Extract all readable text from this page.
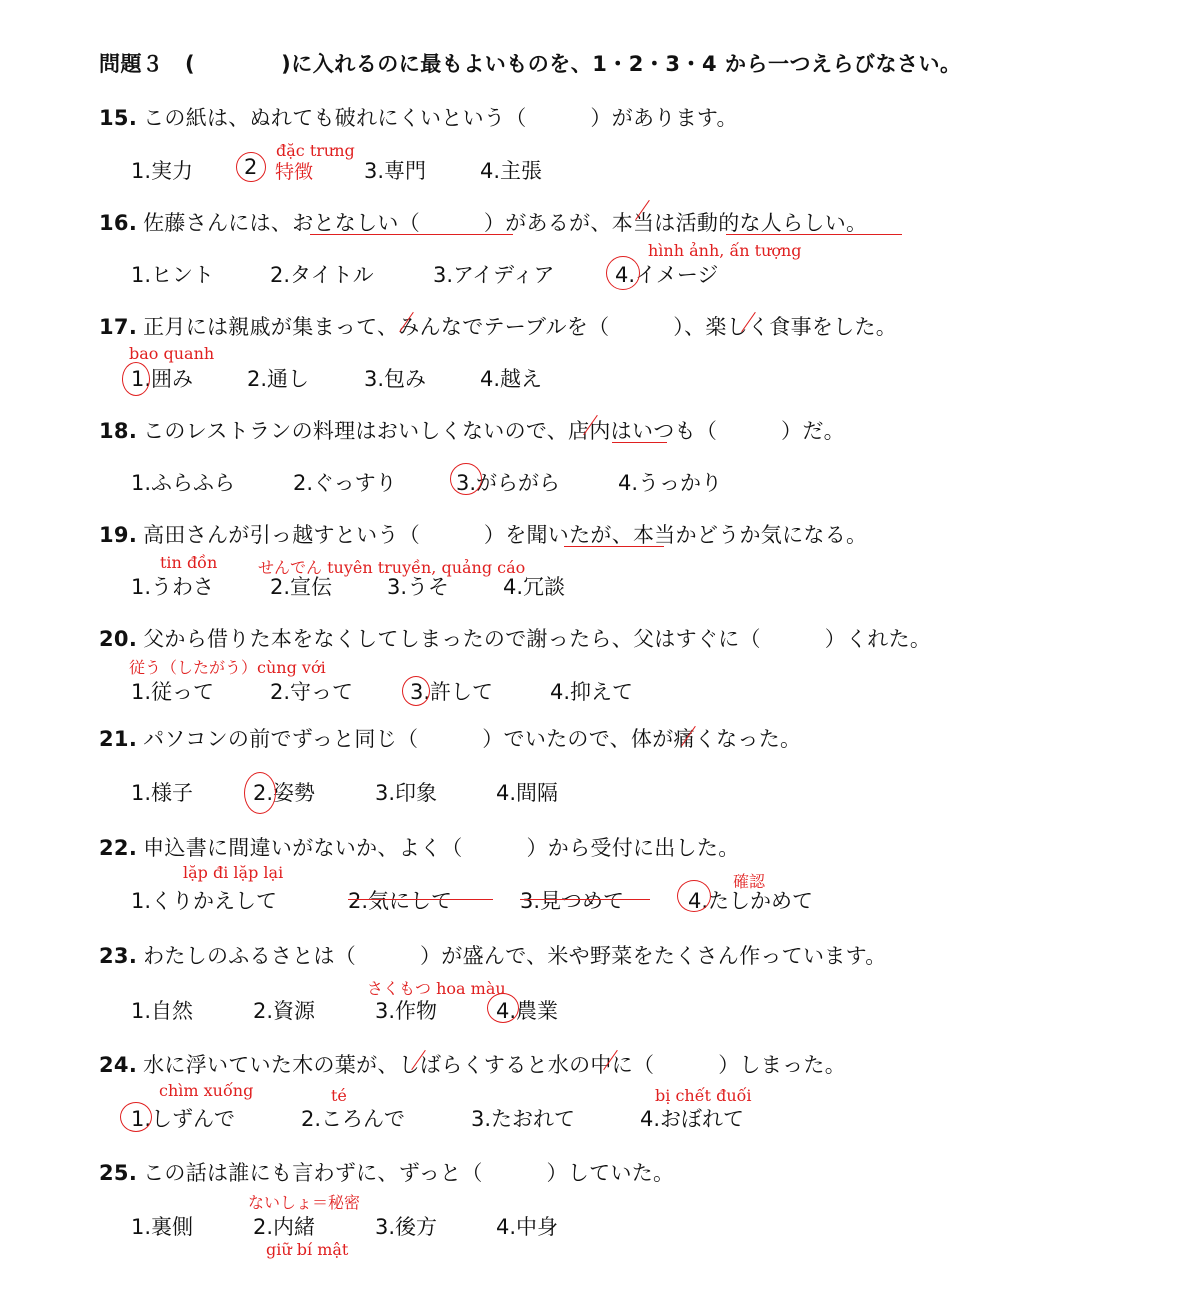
問題３　(　　　　)に入れるのに最もよいものを、1・2・3・4 から一つえらびなさい。
15. この紙は、ぬれても破れにくいという（　　　）があります。
đặc trưng
1.実力 2 特徴 3.専門	4.主張
16. 佐藤さんには、おとなしい（　　　）があるが、本当は活動的な人らしい。
hình ảnh, ấn tượng
1.ヒント	2.タイトル	3.アイディア	4.イメージ
17. 正月には親戚が集まって、みんなでテーブルを（　　　）、楽しく食事をした。
bao quanh
1.囲み	2.通し	3.包み	4.越え
18. このレストランの料理はおいしくないので、店内はいつも（　　　）だ。
1.ふらふら	2.ぐっすり	3.がらがら	4.うっかり
19. 高田さんが引っ越すという（　　　）を聞いたが、本当かどうか気になる。
tin đồn	せんでん tuyên truyền, quảng cáo
1.うわさ	2.宣伝	3.うそ	4.冗談
20. 父から借りた本をなくしてしまったので謝ったら、父はすぐに（　　　）くれた。
従う（したがう）cùng với
1.従って	2.守って	3.許して	4.抑えて
21. パソコンの前でずっと同じ（　　　）でいたので、体が痛くなった。
1.様子	2.姿勢	3.印象	4.間隔
22. 申込書に間違いがないか、よく（　　　）から受付に出した。
lặp đi lặp lại	確認
1.くりかえして	2.気にして	3.見つめて	4.たしかめて
23. わたしのふるさとは（　　　）が盛んで、米や野菜をたくさん作っています。
さくもつ hoa màu
1.自然	2.資源	3.作物	4.農業
24. 水に浮いていた木の葉が、しばらくすると水の中に（　　　）しまった。
chìm xuống	té	bị chết đuối
1.しずんで	2.ころんで	3.たおれて	4.おぼれて
25. この話は誰にも言わずに、ずっと（　　　）していた。
ないしょ＝秘密
1.裏側	2.内緒	3.後方	4.中身
giữ bí mật
